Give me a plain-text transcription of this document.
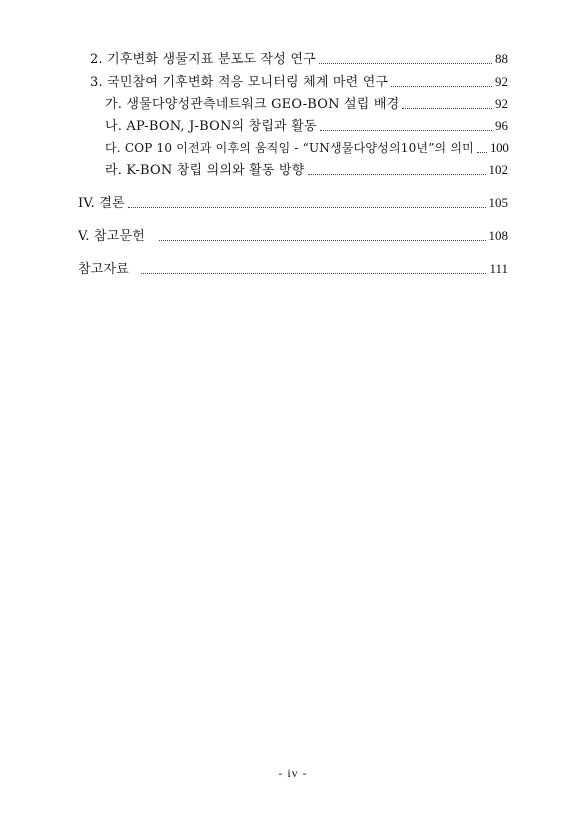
2. 기후변화 생물지표 분포도 작성 연구	88
3. 국민참여 기후변화 적응 모니터링 체계 마련 연구	92
가. 생물다양성관측네트워크 GEO-BON 설립 배경	92
나. AP-BON, J-BON의 창립과 활동	96
다. COP 10 이전과 이후의 움직임 - “UN생물다양성의10년”의 의미 100
라. K-BON 창립 의의와 활동 방향	102
IV. 결론	105
V. 참고문헌	108
참고자료	111
- iv -
